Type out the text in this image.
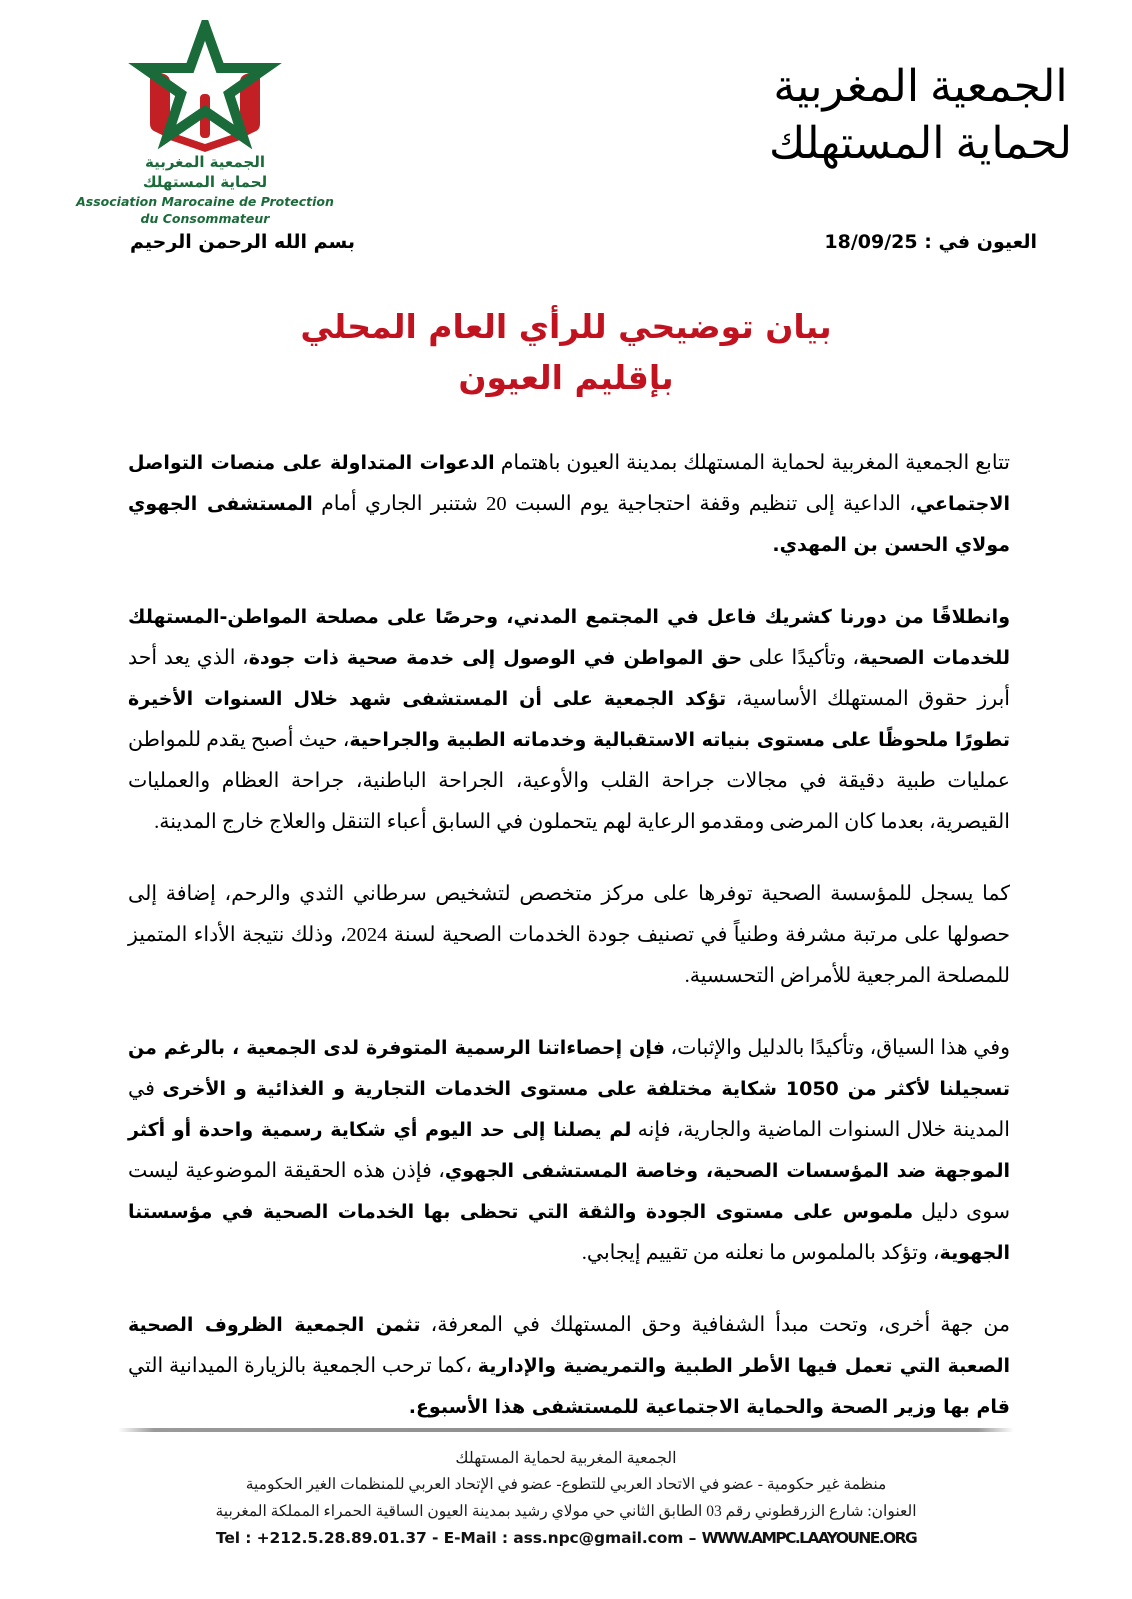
الجمعية المغربية
لحماية المستهلك
Association Marocaine de Protection
du Consommateur
الجمعية المغربية
لحماية المستهلك
العيون في : 18/09/25
بسم الله الرحمن الرحيم
بيان توضيحي للرأي العام المحلي
بإقليم العيون

تتابع الجمعية المغربية لحماية المستهلك بمدينة العيون باهتمام الدعوات المتداولة على منصات التواصل الاجتماعي، الداعية إلى تنظيم وقفة احتجاجية يوم السبت 20 شتنبر الجاري أمام المستشفى الجهوي مولاي الحسن بن المهدي.

وانطلاقًا من دورنا كشريك فاعل في المجتمع المدني، وحرصًا على مصلحة المواطن-المستهلك للخدمات الصحية، وتأكيدًا على حق المواطن في الوصول إلى خدمة صحية ذات جودة، الذي يعد أحد أبرز حقوق المستهلك الأساسية، تؤكد الجمعية على أن المستشفى شهد خلال السنوات الأخيرة تطورًا ملحوظًا على مستوى بنياته الاستقبالية وخدماته الطبية والجراحية، حيث أصبح يقدم للمواطن عمليات طبية دقيقة في مجالات جراحة القلب والأوعية، الجراحة الباطنية، جراحة العظام والعمليات القيصرية، بعدما كان المرضى ومقدمو الرعاية لهم يتحملون في السابق أعباء التنقل والعلاج خارج المدينة.

كما يسجل للمؤسسة الصحية توفرها على مركز متخصص لتشخيص سرطاني الثدي والرحم، إضافة إلى حصولها على مرتبة مشرفة وطنياً في تصنيف جودة الخدمات الصحية لسنة 2024، وذلك نتيجة الأداء المتميز للمصلحة المرجعية للأمراض التحسسية.

وفي هذا السياق، وتأكيدًا بالدليل والإثبات، فإن إحصاءاتنا الرسمية المتوفرة لدى الجمعية ، بالرغم من تسجيلنا لأكثر من 1050 شكاية مختلفة على مستوى الخدمات التجارية و الغذائية و الأخرى في المدينة خلال السنوات الماضية والجارية، فإنه لم يصلنا إلى حد اليوم أي شكاية رسمية واحدة أو أكثر الموجهة ضد المؤسسات الصحية، وخاصة المستشفى الجهوي، فإذن هذه الحقيقة الموضوعية ليست سوى دليل ملموس على مستوى الجودة والثقة التي تحظى بها الخدمات الصحية في مؤسستنا الجهوية، وتؤكد بالملموس ما نعلنه من تقييم إيجابي.

من جهة أخرى، وتحت مبدأ الشفافية وحق المستهلك في المعرفة، تثمن الجمعية الظروف الصحية الصعبة التي تعمل فيها الأطر الطبية والتمريضية والإدارية ،كما ترحب الجمعية بالزيارة الميدانية التي قام بها وزير الصحة والحماية الاجتماعية للمستشفى هذا الأسبوع.

الجمعية المغربية لحماية المستهلك
منظمة غير حكومية - عضو في الاتحاد العربي للتطوع- عضو في الإتحاد العربي للمنظمات الغير الحكومية
العنوان: شارع الزرقطوني رقم 03 الطابق الثاني حي مولاي رشيد بمدينة العيون الساقية الحمراء المملكة المغربية
Tel : +212.5.28.89.01.37 - E-Mail : ass.npc@gmail.com – WWW.AMPC.LAAYOUNE.ORG
